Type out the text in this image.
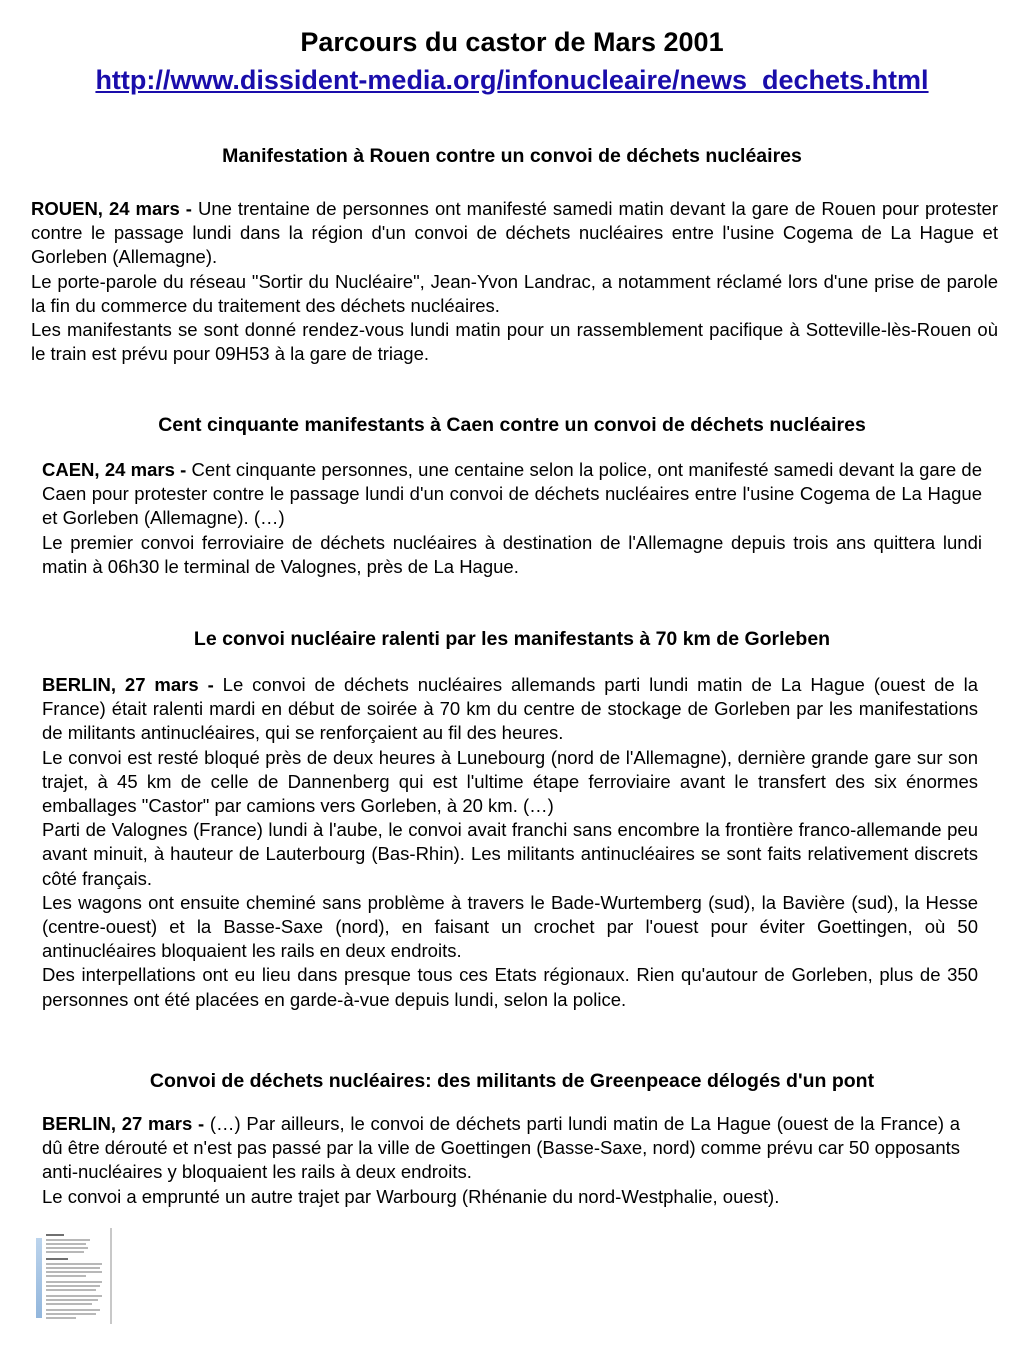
Parcours du castor de Mars 2001
http://www.dissident-media.org/infonucleaire/news_dechets.html
Manifestation à Rouen contre un convoi de déchets nucléaires

ROUEN, 24 mars - Une trentaine de personnes ont manifesté samedi matin devant la gare de Rouen pour protester contre le passage lundi dans la région d'un convoi de déchets nucléaires entre l'usine Cogema de La Hague et Gorleben (Allemagne).

Le porte-parole du réseau "Sortir du Nucléaire", Jean-Yvon Landrac, a notamment réclamé lors d'une prise de parole la fin du commerce du traitement des déchets nucléaires.

Les manifestants se sont donné rendez-vous lundi matin pour un rassemblement pacifique à Sotteville-lès-Rouen où le train est prévu pour 09H53 à la gare de triage.

Cent cinquante manifestants à Caen contre un convoi de déchets nucléaires

CAEN, 24 mars - Cent cinquante personnes, une centaine selon la police, ont manifesté samedi devant la gare de Caen pour protester contre le passage lundi d'un convoi de déchets nucléaires entre l'usine Cogema de La Hague et Gorleben (Allemagne). (…)

Le premier convoi ferroviaire de déchets nucléaires à destination de l'Allemagne depuis trois ans quittera lundi matin à 06h30 le terminal de Valognes, près de La Hague.

Le convoi nucléaire ralenti par les manifestants à 70 km de Gorleben

BERLIN, 27 mars - Le convoi de déchets nucléaires allemands parti lundi matin de La Hague (ouest de la France) était ralenti mardi en début de soirée à 70 km du centre de stockage de Gorleben par les manifestations de militants antinucléaires, qui se renforçaient au fil des heures.

Le convoi est resté bloqué près de deux heures à Lunebourg (nord de l'Allemagne), dernière grande gare sur son trajet, à 45 km de celle de Dannenberg qui est l'ultime étape ferroviaire avant le transfert des six énormes emballages "Castor" par camions vers Gorleben, à 20 km. (…)

Parti de Valognes (France) lundi à l'aube, le convoi avait franchi sans encombre la frontière franco-allemande peu avant minuit, à hauteur de Lauterbourg (Bas-Rhin). Les militants antinucléaires se sont faits relativement discrets côté français.

Les wagons ont ensuite cheminé sans problème à travers le Bade-Wurtemberg (sud), la Bavière (sud), la Hesse (centre-ouest) et la Basse-Saxe (nord), en faisant un crochet par l'ouest pour éviter Goettingen, où 50 antinucléaires bloquaient les rails en deux endroits.

Des interpellations ont eu lieu dans presque tous ces Etats régionaux. Rien qu'autour de Gorleben, plus de 350 personnes ont été placées en garde-à-vue depuis lundi, selon la police.

Convoi de déchets nucléaires: des militants de Greenpeace délogés d'un pont

BERLIN, 27 mars - (…) Par ailleurs, le convoi de déchets parti lundi matin de La Hague (ouest de la France) a dû être dérouté et n'est pas passé par la ville de Goettingen (Basse-Saxe, nord) comme prévu car 50 opposants anti-nucléaires y bloquaient les rails à deux endroits.

Le convoi a emprunté un autre trajet par Warbourg (Rhénanie du nord-Westphalie, ouest).
